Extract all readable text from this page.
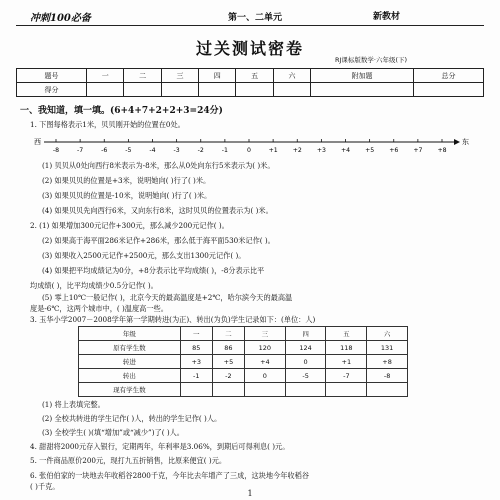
冲刺100必备	第一、二单元	新教材
过关测试密卷
RJ课标版数学·六年级(下)
题号	一	二	三	四	五	六	附加题	总分
得分								
一、我知道，填一填。(6+4+7+2+2+3=24分)
1. 下图每格表示1米，贝贝刚开始的位置在0处。
西	东
-8	-7	-6	-5	-4	-3	-2	-1	0	+1 +2 +3 +4 +5 +6 +7 +8
(1) 贝贝从0处向西行8米表示为-8米，那么从0处向东行5米表示为( )米。
(2) 如果贝贝的位置是+3米，说明她向( )行了( )米。
(3) 如果贝贝的位置是-10米，说明她向( )行了( )米。
(4) 如果贝贝先向西行6米，又向东行8米，这时贝贝的位置表示为( )米。
2. (1) 如果增加300元记作+300元，那么减少200元记作( )。
(2) 如果高于海平面286米记作+286米，那么低于海平面530米记作( )。
(3) 如果收入2500元记作+2500元，那么支出1300元记作( )。
(4) 如果把平均成绩记为0分，+8分表示比平均成绩( )，-8分表示比平
均成绩( )，比平均成绩少0.5分记作( )。
(5) 零上10℃一般记作( )，北京今天的最高温度是+2℃，哈尔滨今天的最高温
度是-6℃，这两个城市中，( )温度高一些。
3. 玉华小学2007－2008学年第一学期转进(为正)、转出(为负)学生记录如下：(单位：人)
年级	一	二	三	四	五	六
原有学生数	85	86	120	124	118	131
转进	+3	+5	+4	0	+1	+8
转出	-1	-2	0	-5	-7	-8
现有学生数						
(1) 将上表填完整。
(2) 全校共转进的学生记作( )人，转出的学生记作( )人。
(3) 全校学生( )(填“增加”或“减少”)了( )人。
4. 甜甜将2000元存入银行，定期两年，年利率是3.06%，到期后可得利息( )元。
5. 一件商品原价200元，现打九五折销售，比原来便宜( )元。
6. 张伯伯家的一块地去年收稻谷2800千克，今年比去年增产了三成，这块地今年收稻谷
( )千克。
1
